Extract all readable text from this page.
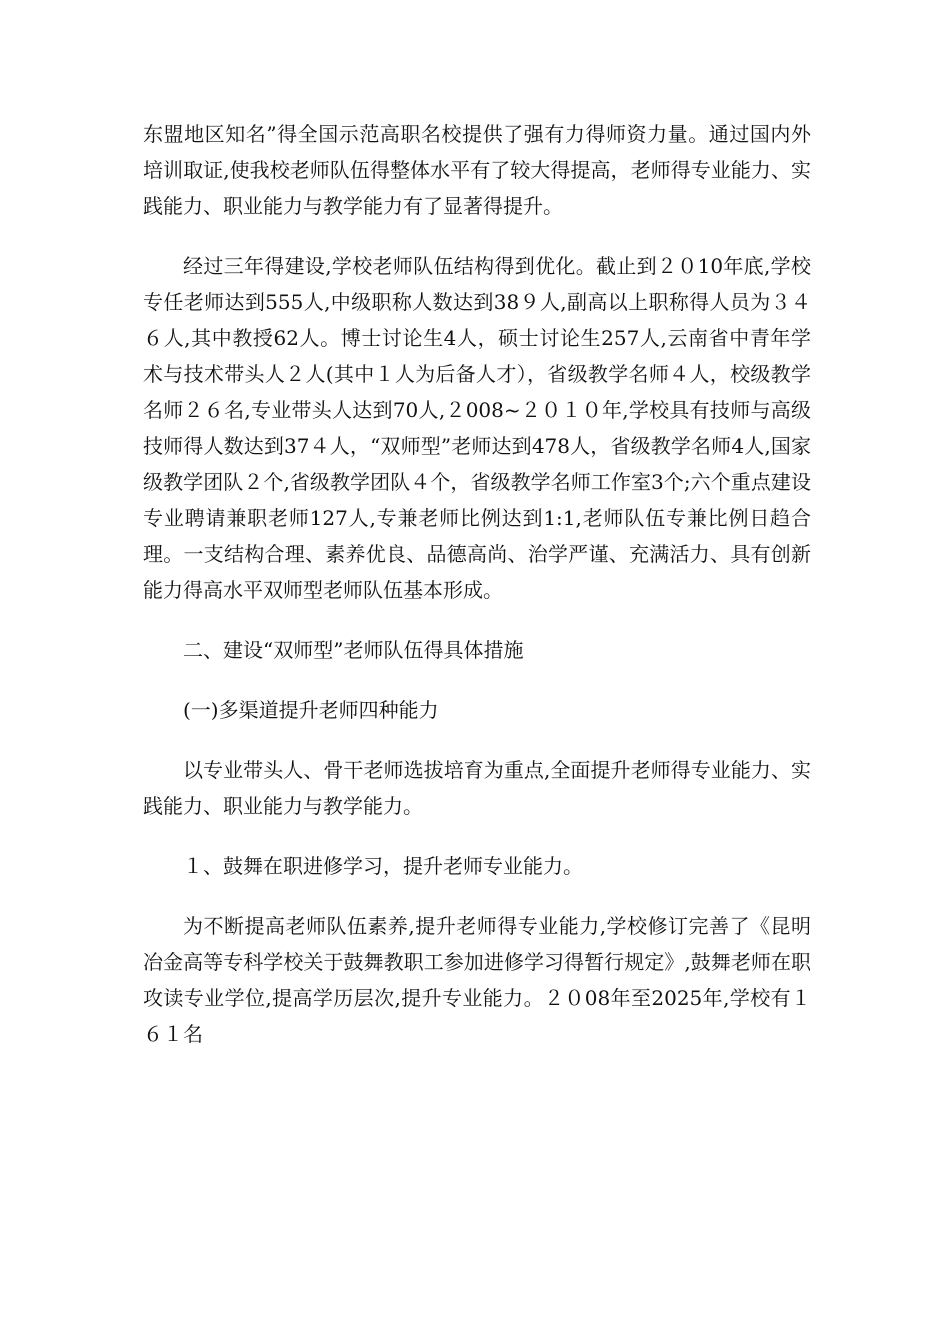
东盟地区知名”得全国示范高职名校提供了强有力得师资力量。通过国内外培训取证,使我校老师队伍得整体水平有了较大得提高，老师得专业能力、实践能力、职业能力与教学能力有了显著得提升。

经过三年得建设,学校老师队伍结构得到优化。截止到２０10年底,学校专任老师达到555人,中级职称人数达到38９人,副高以上职称得人员为３４６人,其中教授62人。博士讨论生4人，硕士讨论生257人,云南省中青年学术与技术带头人２人(其中１人为后备人才），省级教学名师４人，校级教学名师２６名,专业带头人达到70人,２008~２０１０年,学校具有技师与高级技师得人数达到37４人，“双师型”老师达到478人，省级教学名师4人,国家级教学团队２个,省级教学团队４个，省级教学名师工作室3个;六个重点建设专业聘请兼职老师127人,专兼老师比例达到1:1,老师队伍专兼比例日趋合理。一支结构合理、素养优良、品德高尚、治学严谨、充满活力、具有创新能力得高水平双师型老师队伍基本形成。

二、建设“双师型”老师队伍得具体措施

(一)多渠道提升老师四种能力

以专业带头人、骨干老师选拔培育为重点,全面提升老师得专业能力、实践能力、职业能力与教学能力。

１、鼓舞在职进修学习，提升老师专业能力。

为不断提高老师队伍素养,提升老师得专业能力,学校修订完善了《昆明冶金高等专科学校关于鼓舞教职工参加进修学习得暂行规定》,鼓舞老师在职攻读专业学位,提高学历层次,提升专业能力。２０08年至2025年,学校有１６１名
